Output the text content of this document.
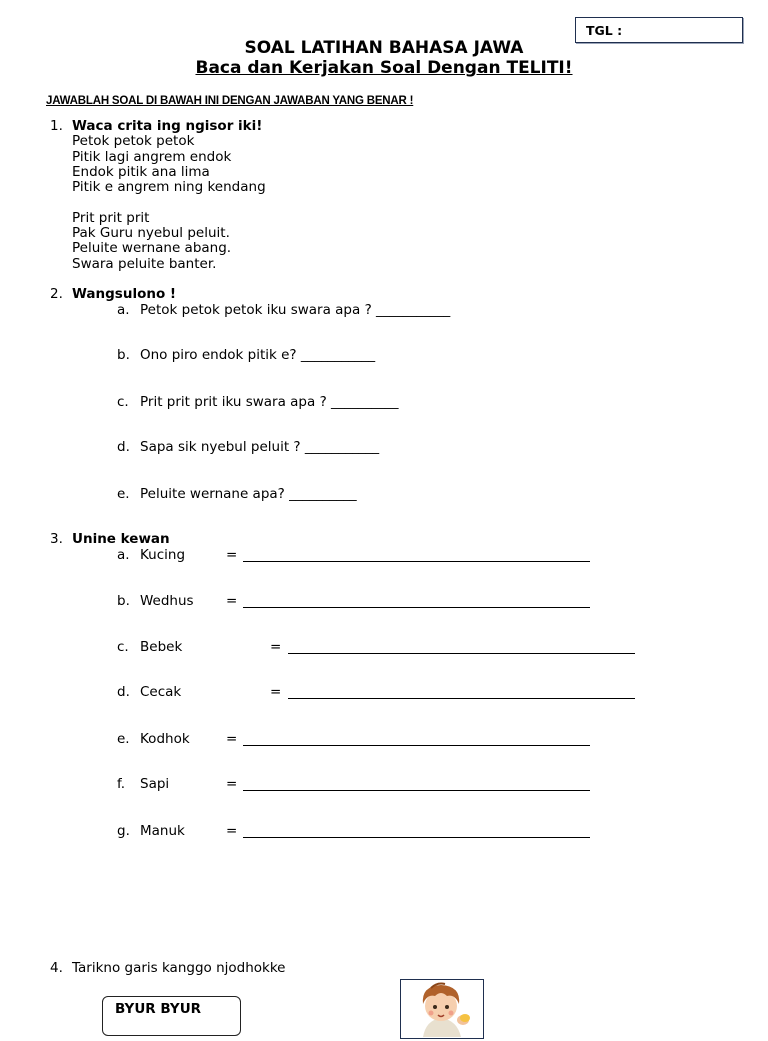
TGL :
SOAL LATIHAN BAHASA JAWA
Baca dan Kerjakan Soal Dengan TELITI!
JAWABLAH SOAL DI BAWAH INI DENGAN JAWABAN YANG BENAR !
1. Waca crita ing ngisor iki!
Petok petok petok
Pitik lagi angrem endok
Endok pitik ana lima
Pitik e angrem ning kendang
Prit prit prit
Pak Guru nyebul peluit.
Peluite wernane abang.
Swara peluite banter.
2. Wangsulono !
a. Petok petok petok iku swara apa ? ___________
b. Ono piro endok pitik e? ___________
c. Prit prit prit iku swara apa ? __________
d. Sapa sik nyebul peluit ? ___________
e. Peluite wernane apa? __________
3. Unine kewan
a. Kucing	=
b. Wedhus =
c. Bebek	=
d. Cecak	=
e. Kodhok	=
f. Sapi	=
g. Manuk	=
4. Tarikno garis kanggo njodhokke
BYUR BYUR
